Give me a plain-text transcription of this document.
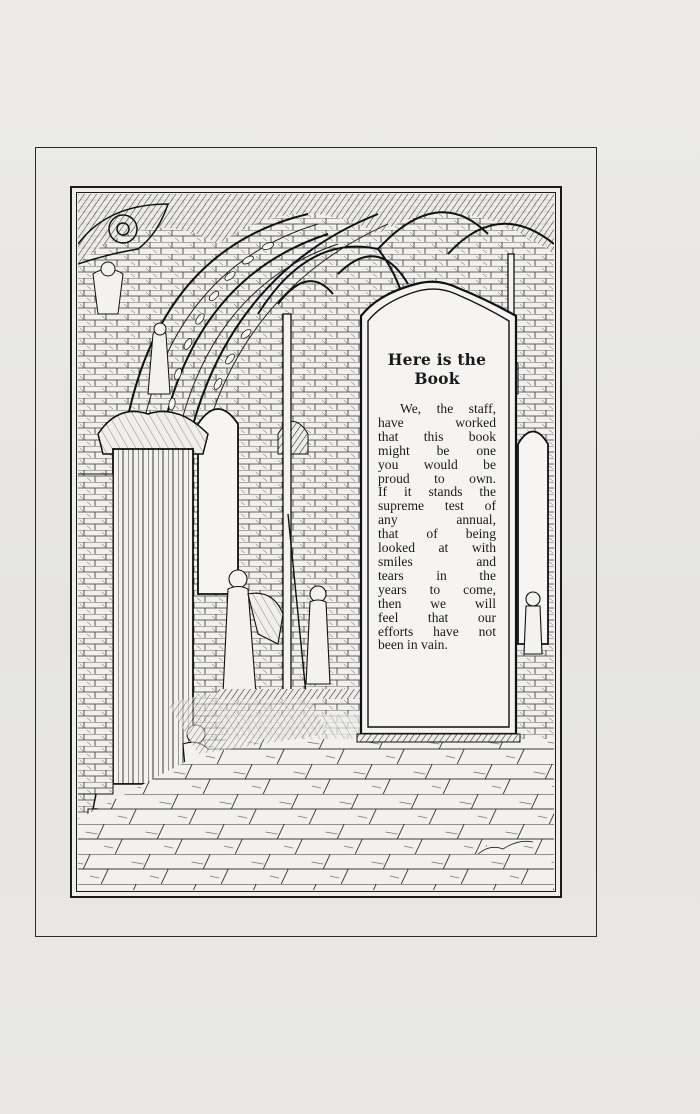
·
Here is the
Book

We, the staff,
have worked
that this book
might be one
you would be
proud to own.
If it stands the
supreme test of
any annual,
that of being
looked at with
smiles and
tears in the
years to come,
then we will
feel that our
efforts have not
been in vain.
